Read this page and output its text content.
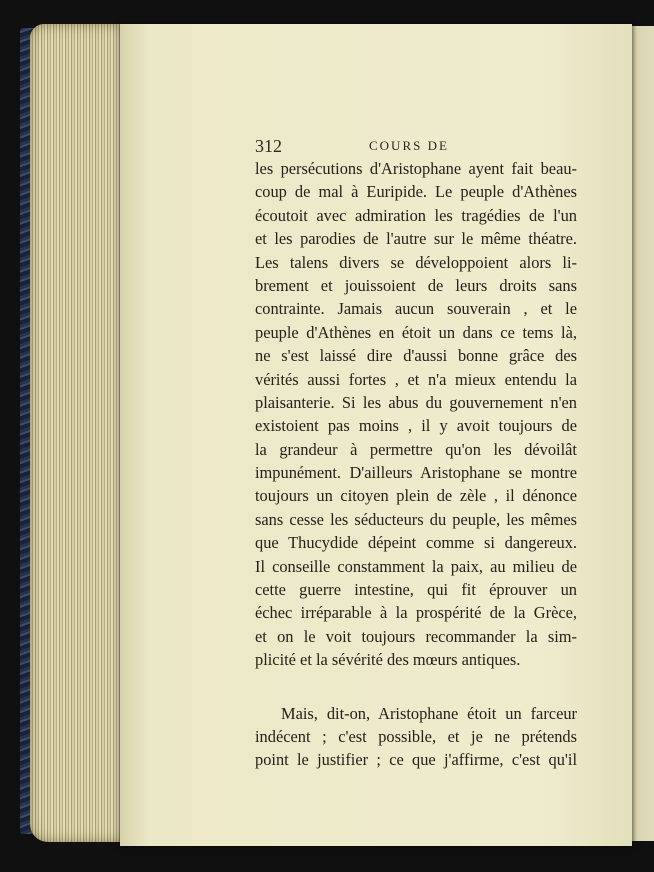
312	COURS DE
les persécutions d'Aristophane ayent fait beau-
coup de mal à Euripide. Le peuple d'Athènes
écoutoit avec admiration les tragédies de l'un
et les parodies de l'autre sur le même théatre.
Les talens divers se développoient alors li-
brement et jouissoient de leurs droits sans
contrainte. Jamais aucun souverain , et le
peuple d'Athènes en étoit un dans ce tems là,
ne s'est laissé dire d'aussi bonne grâce des
vérités aussi fortes , et n'a mieux entendu la
plaisanterie. Si les abus du gouvernement n'en
existoient pas moins , il y avoit toujours de
la grandeur à permettre qu'on les dévoilât
impunément. D'ailleurs Aristophane se montre
toujours un citoyen plein de zèle , il dénonce
sans cesse les séducteurs du peuple, les mêmes
que Thucydide dépeint comme si dangereux.
Il conseille constamment la paix, au milieu de
cette guerre intestine, qui fit éprouver un
échec irréparable à la prospérité de la Grèce,
et on le voit toujours recommander la sim-
plicité et la sévérité des mœurs antiques.
Mais, dit-on, Aristophane étoit un farceur
indécent ; c'est possible, et je ne prétends
point le justifier ; ce que j'affirme, c'est qu'il
